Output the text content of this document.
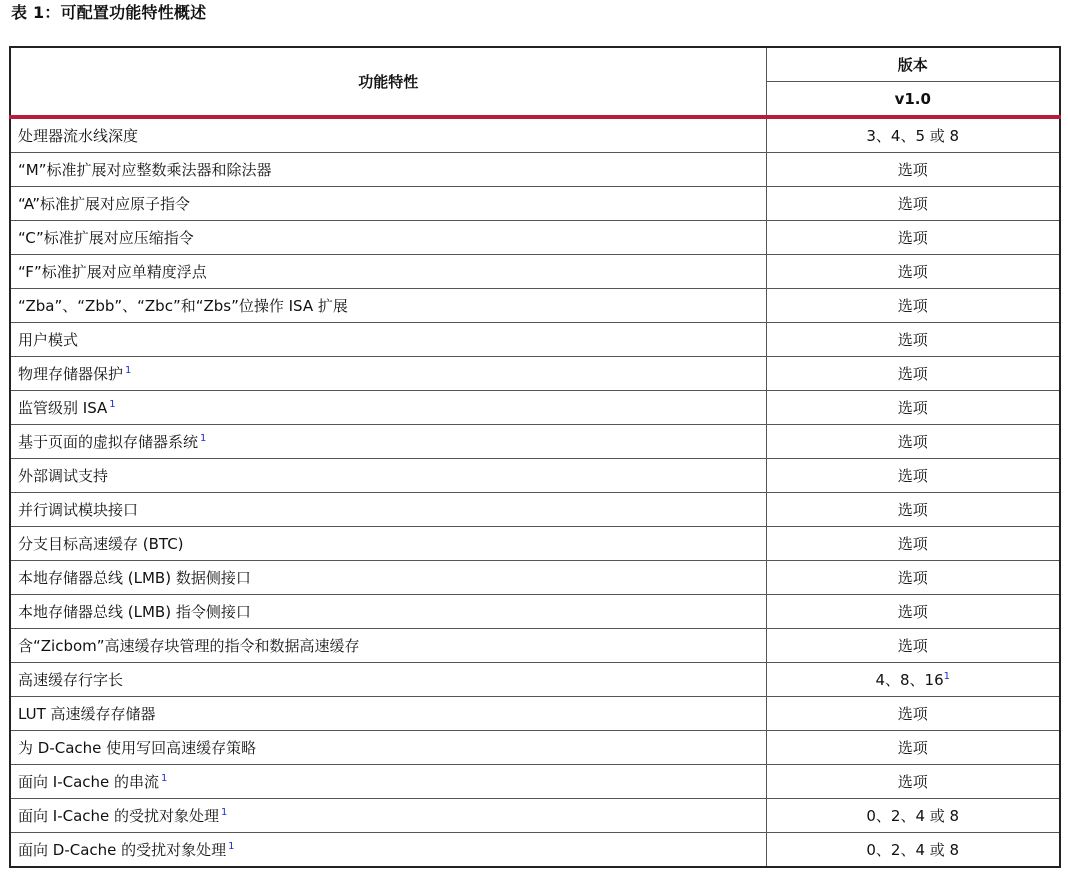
表 1：可配置功能特性概述
功能特性	版本
	v1.0
处理器流水线深度	3、4、5 或 8
“M”标准扩展对应整数乘法器和除法器	选项
“A”标准扩展对应原子指令	选项
“C”标准扩展对应压缩指令	选项
“F”标准扩展对应单精度浮点	选项
“Zba”、“Zbb”、“Zbc”和“Zbs”位操作 ISA 扩展	选项
用户模式	选项
物理存储器保护 $^1$	选项
监管级别 ISA $^1$	选项
基于页面的虚拟存储器系统 $^1$	选项
外部调试支持	选项
并行调试模块接口	选项
分支目标高速缓存 (BTC)	选项
本地存储器总线 (LMB) 数据侧接口	选项
本地存储器总线 (LMB) 指令侧接口	选项
含“Zicbom”高速缓存块管理的指令和数据高速缓存	选项
高速缓存行字长	4、8、16$^1$
LUT 高速缓存存储器	选项
为 D-Cache 使用写回高速缓存策略	选项
面向 I-Cache 的串流 $^1$	选项
面向 I-Cache 的受扰对象处理 $^1$	0、2、4 或 8
面向 D-Cache 的受扰对象处理 $^1$	0、2、4 或 8
